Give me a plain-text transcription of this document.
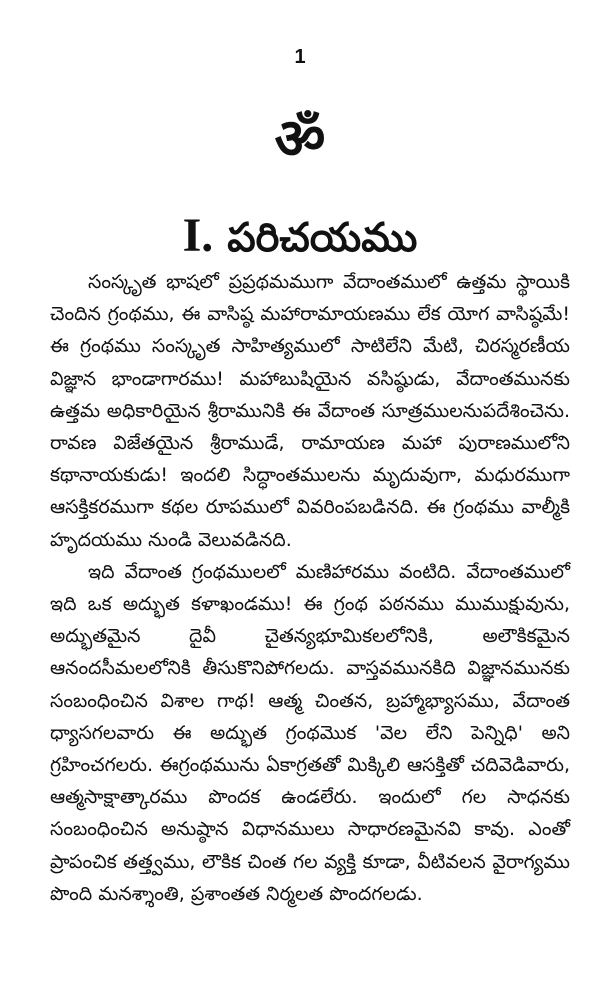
1
ॐ
I. పరిచయము

సంస్కృత భాషలో ప్రప్రథమముగా వేదాంతములో ఉత్తమ స్థాయికి చెందిన గ్రంథము, ఈ వాసిష్ఠ మహారామాయణము లేక యోగ వాసిష్ఠమే! ఈ గ్రంథము సంస్కృత సాహిత్యములో సాటిలేని మేటి, చిరస్మరణీయ విజ్ఞాన భాండాగారము! మహాబుషియైన వసిష్ఠుడు, వేదాంతమునకు ఉత్తమ అధికారియైన శ్రీరామునికి ఈ వేదాంత సూత్రములనుపదేశించెను. రావణ విజేతయైన శ్రీరాముడే, రామాయణ మహా పురాణములోని కథానాయకుడు! ఇందలి సిద్ధాంతములను మృదువుగా, మధురముగా ఆసక్తికరముగా కథల రూపములో వివరింపబడినది. ఈ గ్రంథము వాల్మీకి హృదయము నుండి వెలువడినది.

ఇది వేదాంత గ్రంథములలో మణిహారము వంటిది. వేదాంతములో ఇది ఒక అద్భుత కళాఖండము! ఈ గ్రంథ పఠనము ముముక్షువును, అద్భుతమైన దైవీ చైతన్యభూమికలలోనికి, అలౌకికమైన ఆనందసీమలలోనికి తీసుకొనిపోగలదు. వాస్తవమునకిది విజ్ఞానమునకు సంబంధించిన విశాల గాథ! ఆత్మ చింతన, బ్రహ్మాభ్యాసము, వేదాంత ధ్యాసగలవారు ఈ అద్భుత గ్రంథమొక 'వెల లేని పెన్నిధి' అని గ్రహించగలరు. ఈగ్రంథమును ఏకాగ్రతతో మిక్కిలి ఆసక్తితో చదివెడివారు, ఆత్మసాక్షాత్కారము పొందక ఉండలేరు. ఇందులో గల సాధనకు సంబంధించిన అనుష్ఠాన విధానములు సాధారణమైనవి కావు. ఎంతో ప్రాపంచిక తత్త్వము, లౌకిక చింత గల వ్యక్తి కూడా, వీటివలన వైరాగ్యము పొంది మనశ్శాంతి, ప్రశాంతత నిర్మలత పొందగలడు.
